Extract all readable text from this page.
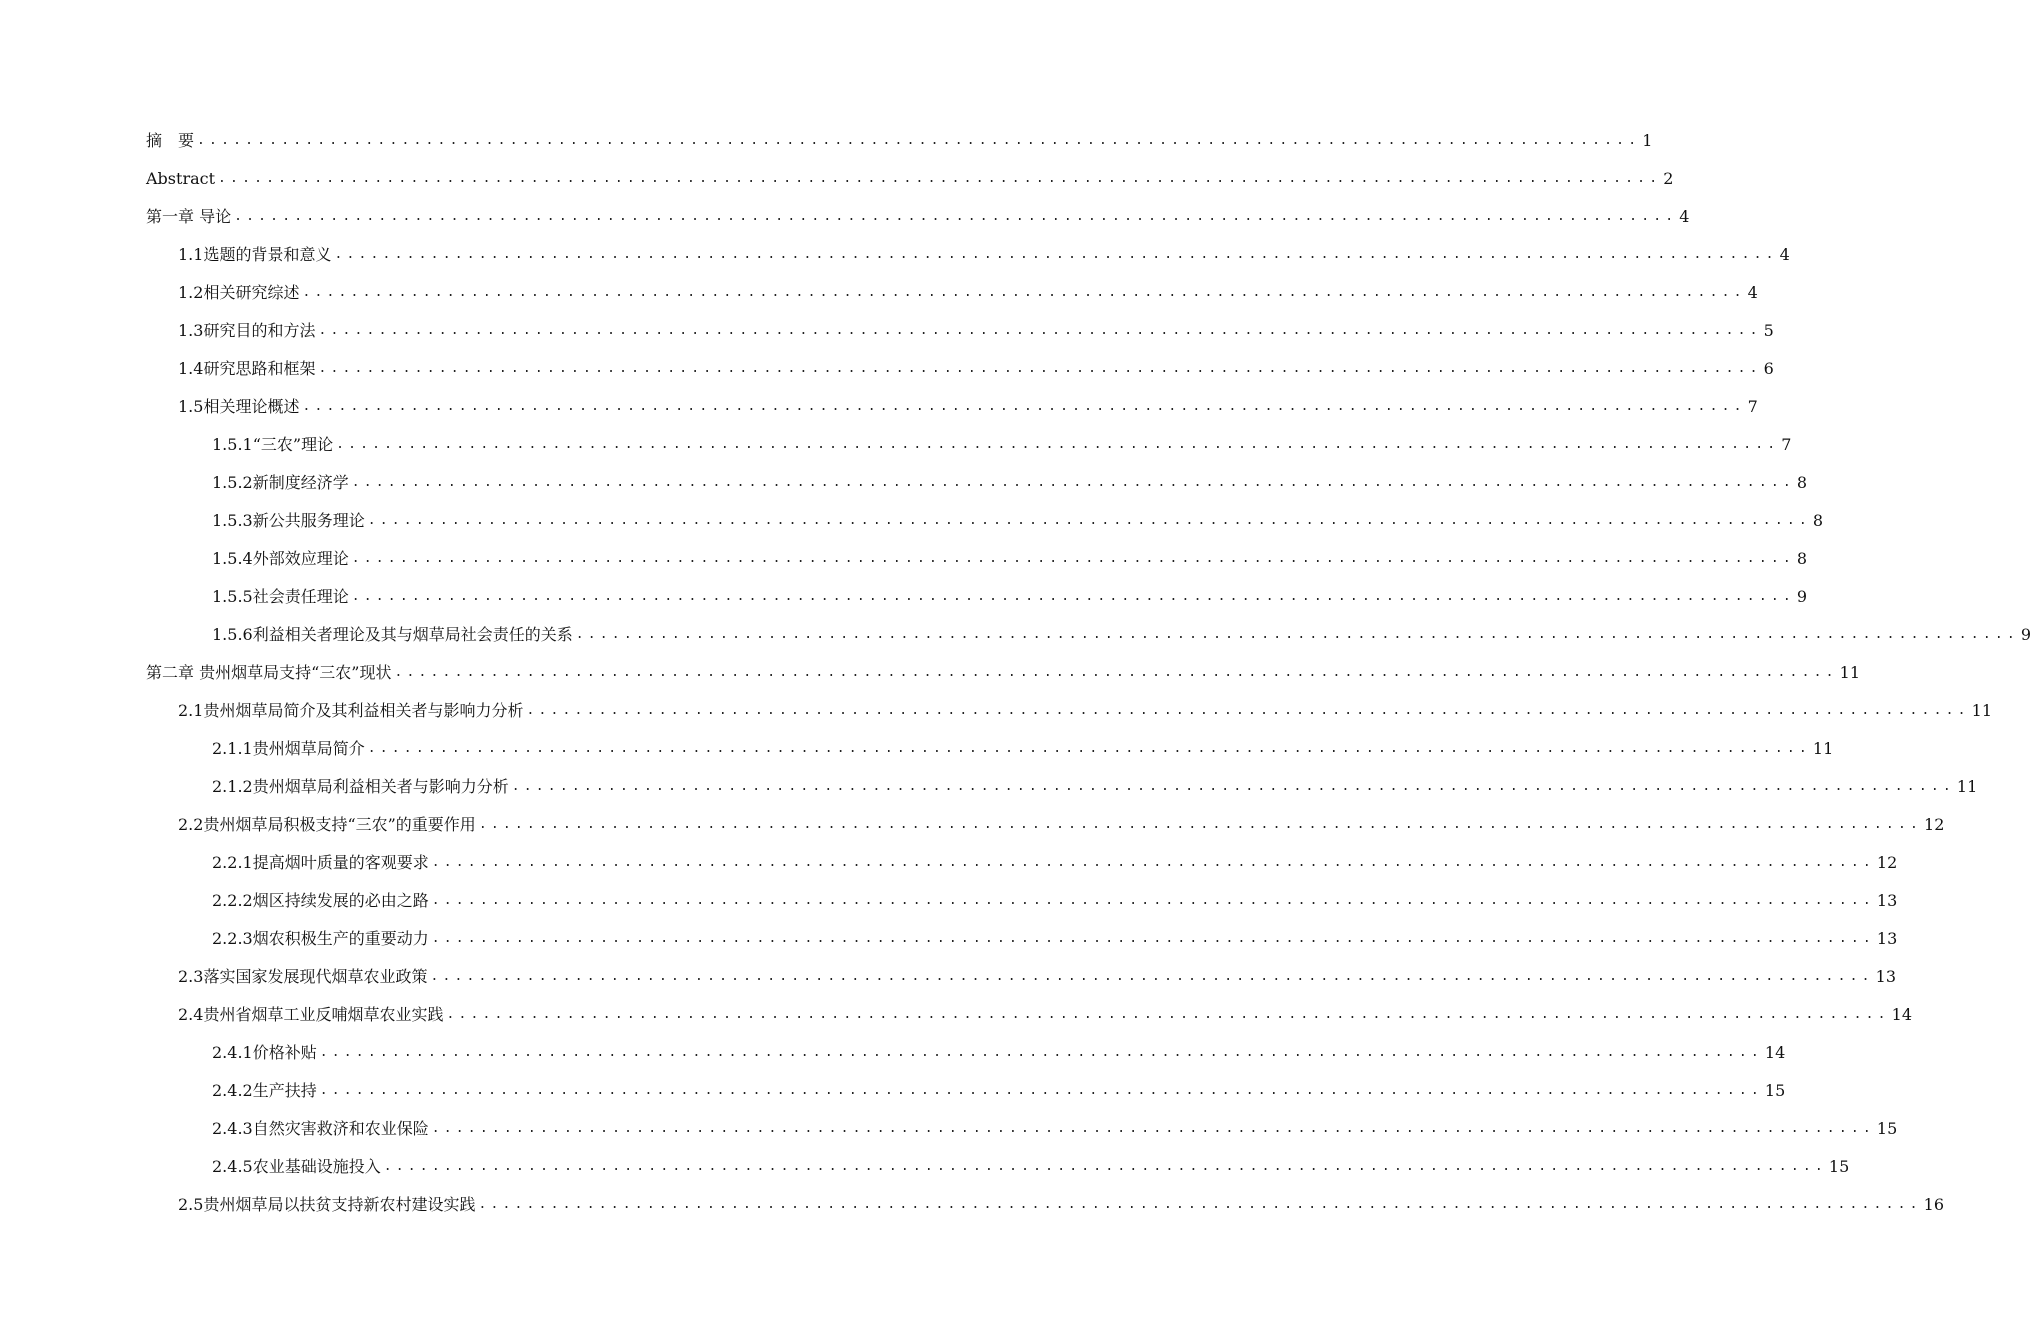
摘　要 ........................................................................................................................ 1
Abstract ........................................................................................................................ 2
第一章 导论 ........................................................................................................................ 4
1.1选题的背景和意义 ........................................................................................................................ 4
1.2相关研究综述 ........................................................................................................................ 4
1.3研究目的和方法 ........................................................................................................................ 5
1.4研究思路和框架 ........................................................................................................................ 6
1.5相关理论概述 ........................................................................................................................ 7
1.5.1“三农”理论 ........................................................................................................................ 7
1.5.2新制度经济学 ........................................................................................................................ 8
1.5.3新公共服务理论 ........................................................................................................................ 8
1.5.4外部效应理论 ........................................................................................................................ 8
1.5.5社会责任理论 ........................................................................................................................ 9
1.5.6利益相关者理论及其与烟草局社会责任的关系 ........................................................................................................................ 9
第二章 贵州烟草局支持“三农”现状 ........................................................................................................................ 11
2.1贵州烟草局简介及其利益相关者与影响力分析 ........................................................................................................................ 11
2.1.1贵州烟草局简介 ........................................................................................................................ 11
2.1.2贵州烟草局利益相关者与影响力分析 ........................................................................................................................ 11
2.2贵州烟草局积极支持“三农”的重要作用 ........................................................................................................................ 12
2.2.1提高烟叶质量的客观要求 ........................................................................................................................ 12
2.2.2烟区持续发展的必由之路 ........................................................................................................................ 13
2.2.3烟农积极生产的重要动力 ........................................................................................................................ 13
2.3落实国家发展现代烟草农业政策 ........................................................................................................................ 13
2.4贵州省烟草工业反哺烟草农业实践 ........................................................................................................................ 14
2.4.1价格补贴 ........................................................................................................................ 14
2.4.2生产扶持 ........................................................................................................................ 15
2.4.3自然灾害救济和农业保险 ........................................................................................................................ 15
2.4.5农业基础设施投入 ........................................................................................................................ 15
2.5贵州烟草局以扶贫支持新农村建设实践 ........................................................................................................................ 16
